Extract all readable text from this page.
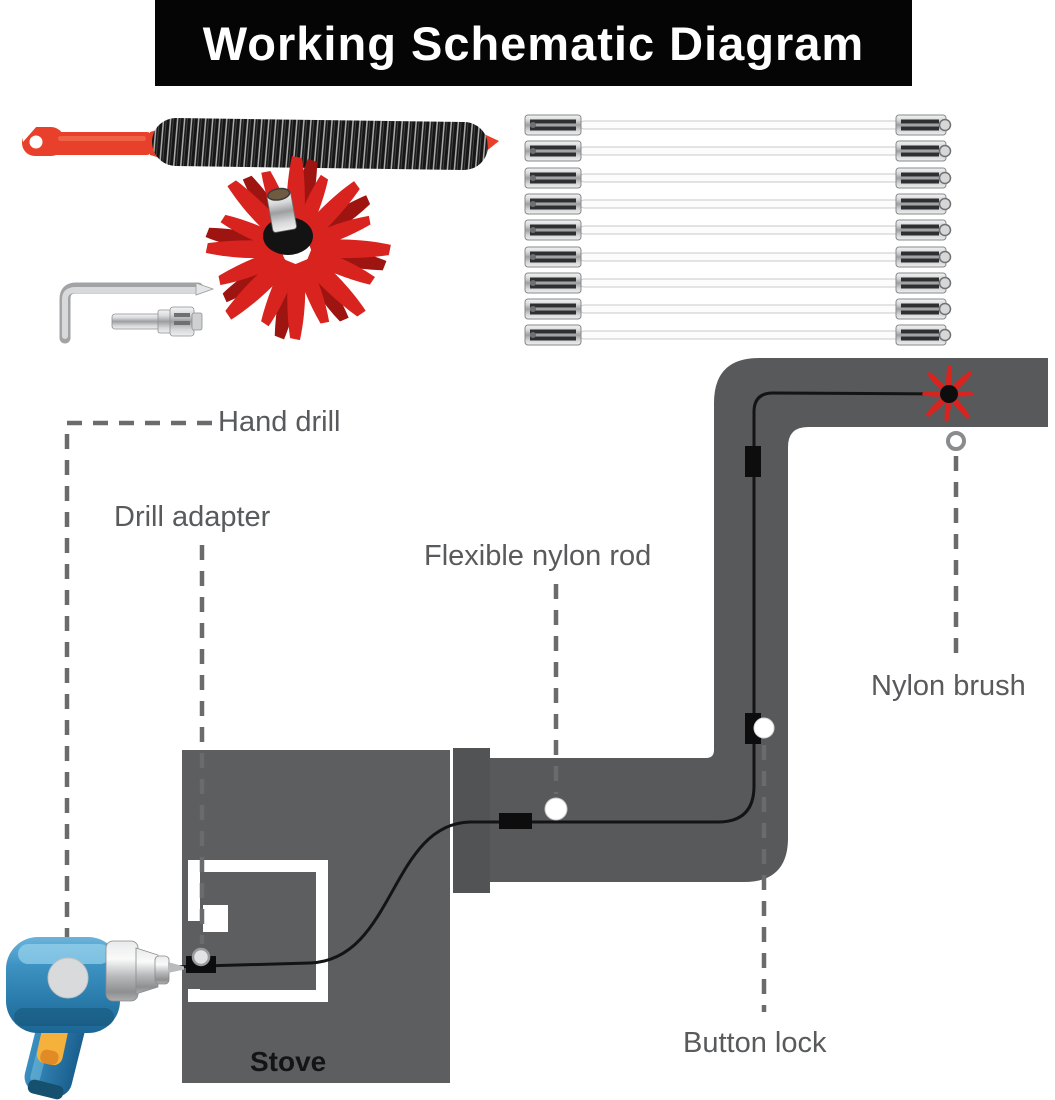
Working Schematic Diagram
Hand drill
Drill adapter
Flexible nylon rod
Nylon brush
Button lock
Stove
